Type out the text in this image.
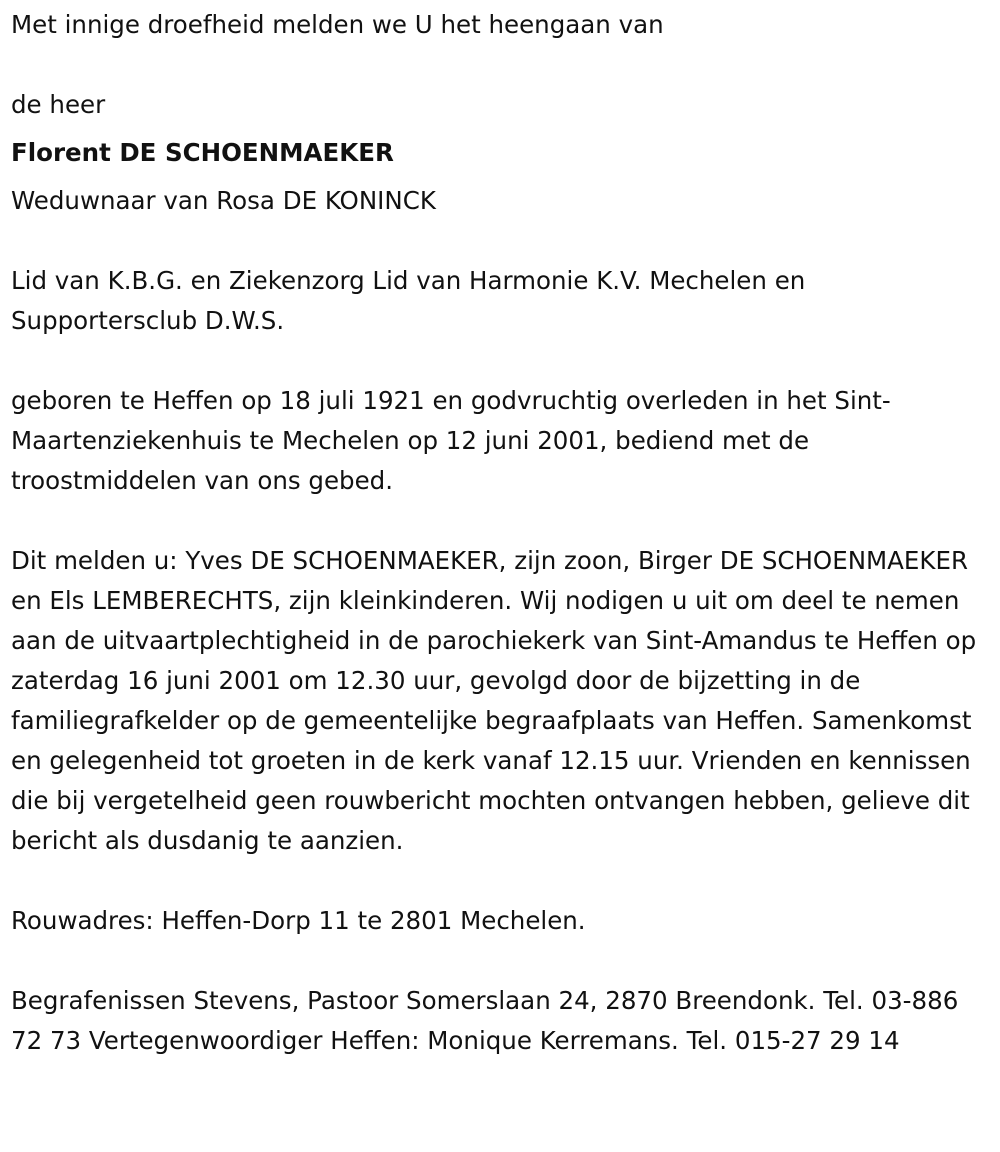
Met innige droefheid melden we U het heengaan van

de heer

Florent DE SCHOENMAEKER

Weduwnaar van Rosa DE KONINCK

Lid van K.B.G. en Ziekenzorg Lid van Harmonie K.V. Mechelen en Supportersclub D.W.S.

geboren te Heffen op 18 juli 1921 en godvruchtig overleden in het Sint-Maartenziekenhuis te Mechelen op 12 juni 2001, bediend met de troostmiddelen van ons gebed.

Dit melden u: Yves DE SCHOENMAEKER, zijn zoon, Birger DE SCHOENMAEKER en Els LEMBERECHTS, zijn kleinkinderen. Wij nodigen u uit om deel te nemen aan de uitvaartplechtigheid in de parochiekerk van Sint-Amandus te Heffen op zaterdag 16 juni 2001 om 12.30 uur, gevolgd door de bijzetting in de familiegrafkelder op de gemeentelijke begraafplaats van Heffen. Samenkomst en gelegenheid tot groeten in de kerk vanaf 12.15 uur. Vrienden en kennissen die bij vergetelheid geen rouwbericht mochten ontvangen hebben, gelieve dit bericht als dusdanig te aanzien.

Rouwadres: Heffen-Dorp 11 te 2801 Mechelen.

Begrafenissen Stevens, Pastoor Somerslaan 24, 2870 Breendonk. Tel. 03-886 72 73 Vertegenwoordiger Heffen: Monique Kerremans. Tel. 015-27 29 14
